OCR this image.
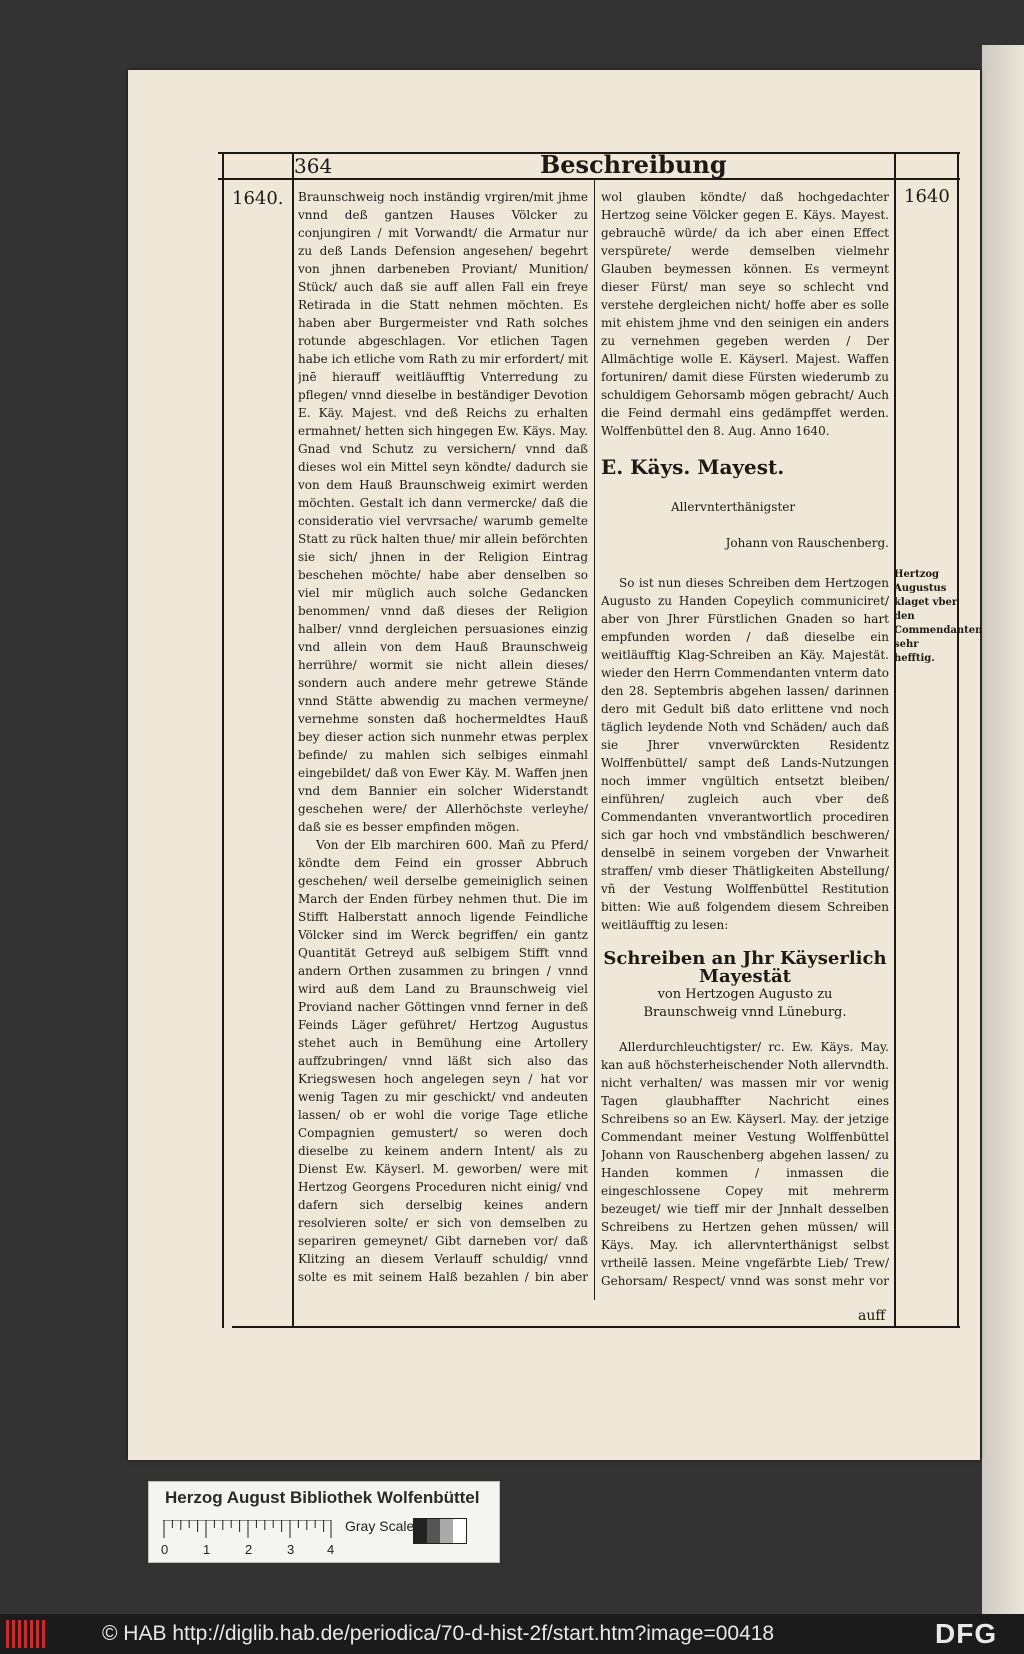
364	Beschreibung
1640.	1640

Braunschweig noch inständig vrgiren/mit jhme vnnd deß gantzen Hauses Völcker zu conjungiren / mit Vorwandt/ die Armatur nur zu deß Lands Defension angesehen/ begehrt von jhnen darbeneben Proviant/ Munition/ Stück/ auch daß sie auff allen Fall ein freye Retirada in die Statt nehmen möchten. Es haben aber Burgermeister vnd Rath solches rotunde abgeschlagen. Vor etlichen Tagen habe ich etliche vom Rath zu mir erfordert/ mit jnē hierauff weitläufftig Vnterredung zu pflegen/ vnnd dieselbe in beständiger Devotion E. Käy. Majest. vnd deß Reichs zu erhalten ermahnet/ hetten sich hingegen Ew. Käys. May. Gnad vnd Schutz zu versichern/ vnnd daß dieses wol ein Mittel seyn köndte/ dadurch sie von dem Hauß Braunschweig eximirt werden möchten. Gestalt ich dann vermercke/ daß die consideratio viel vervrsache/ warumb gemelte Statt zu rück halten thue/ mir allein beförchten sie sich/ jhnen in der Religion Eintrag beschehen möchte/ habe aber denselben so viel mir müglich auch solche Gedancken benommen/ vnnd daß dieses der Religion halber/ vnnd dergleichen persuasiones einzig vnd allein von dem Hauß Braunschweig herrühre/ wormit sie nicht allein dieses/ sondern auch andere mehr getrewe Stände vnnd Stätte abwendig zu machen vermeyne/ vernehme sonsten daß hochermeldtes Hauß bey dieser action sich nunmehr etwas perplex befinde/ zu mahlen sich selbiges einmahl eingebildet/ daß von Ewer Käy. M. Waffen jnen vnd dem Bannier ein solcher Widerstandt geschehen were/ der Allerhöchste verleyhe/ daß sie es besser empfinden mögen.

Von der Elb marchiren 600. Mañ zu Pferd/ köndte dem Feind ein grosser Abbruch geschehen/ weil derselbe gemeiniglich seinen March der Enden fürbey nehmen thut. Die im Stifft Halberstatt annoch ligende Feindliche Völcker sind im Werck begriffen/ ein gantz Quantität Getreyd auß selbigem Stifft vnnd andern Orthen zusammen zu bringen / vnnd wird auß dem Land zu Braunschweig viel Proviand nacher Göttingen vnnd ferner in deß Feinds Läger geführet/ Hertzog Augustus stehet auch in Bemühung eine Artollery auffzubringen/ vnnd läßt sich also das Kriegswesen hoch angelegen seyn / hat vor wenig Tagen zu mir geschickt/ vnd andeuten lassen/ ob er wohl die vorige Tage etliche Compagnien gemustert/ so weren doch dieselbe zu keinem andern Intent/ als zu Dienst Ew. Käyserl. M. geworben/ were mit Hertzog Georgens Proceduren nicht einig/ vnd dafern sich derselbig keines andern resolvieren solte/ er sich von demselben zu separiren gemeynet/ Gibt darneben vor/ daß Klitzing an diesem Verlauff schuldig/ vnnd solte es mit seinem Halß bezahlen / bin aber

wol glauben köndte/ daß hochgedachter Hertzog seine Völcker gegen E. Käys. Mayest. gebrauchē würde/ da ich aber einen Effect verspürete/ werde demselben vielmehr Glauben beymessen können. Es vermeynt dieser Fürst/ man seye so schlecht vnd verstehe dergleichen nicht/ hoffe aber es solle mit ehistem jhme vnd den seinigen ein anders zu vernehmen gegeben werden / Der Allmächtige wolle E. Käyserl. Majest. Waffen fortuniren/ damit diese Fürsten wiederumb zu schuldigem Gehorsamb mögen gebracht/ Auch die Feind dermahl eins gedämpffet werden. Wolffenbüttel den 8. Aug. Anno 1640.

E. Käys. Mayest.
Allervnterthänigster
Johann von Rauschenberg.

So ist nun dieses Schreiben dem Hertzogen Augusto zu Handen Copeylich communiciret/ aber von Jhrer Fürstlichen Gnaden so hart empfunden worden / daß dieselbe ein weitläufftig Klag-Schreiben an Käy. Majestät. wieder den Herrn Commendanten vnterm dato den 28. Septembris abgehen lassen/ darinnen dero mit Gedult biß dato erlittene vnd noch täglich leydende Noth vnd Schäden/ auch daß sie Jhrer vnverwürckten Residentz Wolffenbüttel/ sampt deß Lands-Nutzungen noch immer vngültich entsetzt bleiben/ einführen/ zugleich auch vber deß Commendanten vnverantwortlich procediren sich gar hoch vnd vmbständlich beschweren/ denselbē in seinem vorgeben der Vnwarheit straffen/ vmb dieser Thätligkeiten Abstellung/ vñ der Vestung Wolffenbüttel Restitution bitten: Wie auß folgendem diesem Schreiben weitläufftig zu lesen:

Schreiben an Jhr Käyserlich Mayestät
von Hertzogen Augusto zu Braunschweig vnnd Lüneburg.

Allerdurchleuchtigster/ rc. Ew. Käys. May. kan auß höchsterheischender Noth allervndth. nicht verhalten/ was massen mir vor wenig Tagen glaubhaffter Nachricht eines Schreibens so an Ew. Käyserl. May. der jetzige Commendant meiner Vestung Wolffenbüttel Johann von Rauschenberg abgehen lassen/ zu Handen kommen / inmassen die eingeschlossene Copey mit mehrerm bezeuget/ wie tieff mir der Jnnhalt desselben Schreibens zu Hertzen gehen müssen/ will Käys. May. ich allervnterthänigst selbst vrtheilē lassen. Meine vngefärbte Lieb/ Trew/ Gehorsam/ Respect/ vnnd was sonst mehr vor

Hertzog Augustus klaget vber den Commendanten sehr hefftig.
auff
Herzog August Bibliothek Wolfenbüttel
Gray Scale
0	1	2	3	4
© HAB http://diglib.hab.de/periodica/70-d-hist-2f/start.htm?image=00418	DFG
